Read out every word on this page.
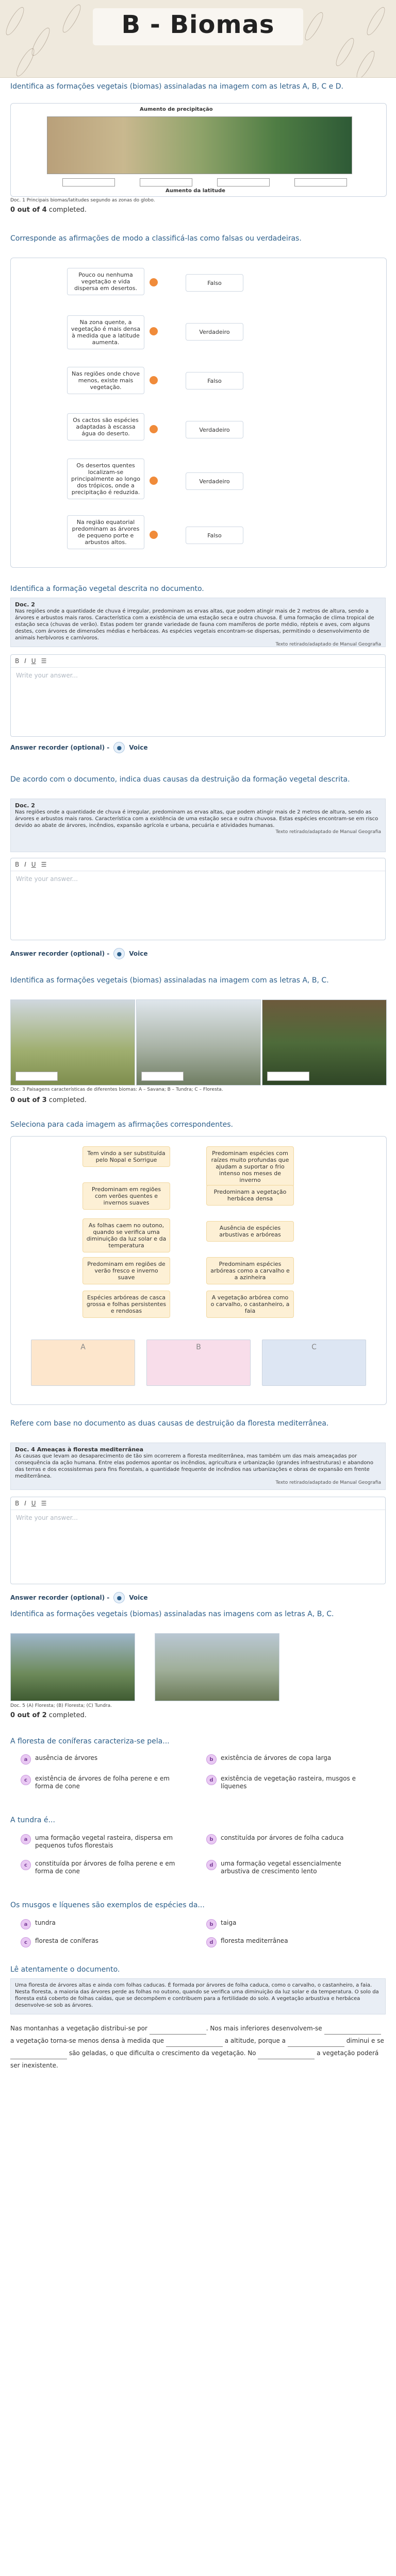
B - Biomas
Identifica as formações vegetais (biomas) assinaladas na imagem com as letras A, B, C e D.
Aumento de precipitação
Aumento da latitude
Doc. 1 Principais biomas/latitudes segundo as zonas do globo.
0 out of 4 completed.
Corresponde as afirmações de modo a classificá-las como falsas ou verdadeiras.
Pouco ou nenhuma vegetação e vida dispersa em desertos.
Falso
Na zona quente, a vegetação é mais densa à medida que a latitude aumenta.
Verdadeiro
Nas regiões onde chove menos, existe mais vegetação.
Falso
Os cactos são espécies adaptadas à escassa água do deserto.
Verdadeiro
Os desertos quentes localizam-se principalmente ao longo dos trópicos, onde a precipitação é reduzida.
Verdadeiro
Na região equatorial predominam as árvores de pequeno porte e arbustos altos.
Falso
Identifica a formação vegetal descrita no documento.
Doc. 2
Nas regiões onde a quantidade de chuva é irregular, predominam as ervas altas, que podem atingir mais de 2 metros de altura, sendo a árvores e arbustos mais raros. Característica com a existência de uma estação seca e outra chuvosa. É uma formação de clima tropical de estação seca (chuvas de verão). Estas podem ter grande variedade de fauna com mamíferos de porte médio, répteis e aves, com alguns destes, com árvores de dimensões médias e herbáceas. As espécies vegetais encontram-se dispersas, permitindo o desenvolvimento de animais herbívoros e carnívoros.
Texto retirado/adaptado de Manual Geografia
B I U ☰
Write your answer...
Answer recorder (optional) -	●	Voice
De acordo com o documento, indica duas causas da destruição da formação vegetal descrita.
Doc. 2
Nas regiões onde a quantidade de chuva é irregular, predominam as ervas altas, que podem atingir mais de 2 metros de altura, sendo as árvores e arbustos mais raros. Característica com a existência de uma estação seca e outra chuvosa. Estas espécies encontram-se em risco devido ao abate de árvores, incêndios, expansão agrícola e urbana, pecuária e atividades humanas.
Texto retirado/adaptado de Manual Geografia
B I U ☰
Write your answer...
Answer recorder (optional) -	●	Voice
Identifica as formações vegetais (biomas) assinaladas na imagem com as letras A, B, C.
Doc. 3 Paisagens características de diferentes biomas: A – Savana; B – Tundra; C – Floresta.
0 out of 3 completed.
Seleciona para cada imagem as afirmações correspondentes.
Tem vindo a ser substituída pelo Nopal e Sorrigue
Predominam espécies com raízes muito profundas que ajudam a suportar o frio intenso nos meses de inverno
Predominam em regiões com verões quentes e invernos suaves
Predominam a vegetação herbácea densa
As folhas caem no outono, quando se verifica uma diminuição da luz solar e da temperatura
Ausência de espécies arbustivas e arbóreas
Predominam em regiões de verão fresco e inverno suave
Predominam espécies arbóreas como a carvalho e a azinheira
Espécies arbóreas de casca grossa e folhas persistentes e rendosas
A vegetação arbórea como o carvalho, o castanheiro, a faia
A	B	C
Refere com base no documento as duas causas de destruição da floresta mediterrânea.
Doc. 4 Ameaças à floresta mediterrânea
As causas que levam ao desaparecimento de tão sim ocorrerem a floresta mediterrânea, mas também um das mais ameaçadas por consequência da ação humana. Entre elas podemos apontar os incêndios, agricultura e urbanização (grandes infraestruturas) e abandono das terras e dos ecossistemas para fins florestais, a quantidade frequente de incêndios nas urbanizações e obras de expansão em frente mediterrânea.
Texto retirado/adaptado de Manual Geografia
B I U ☰
Write your answer...
Answer recorder (optional) -	●	Voice
Identifica as formações vegetais (biomas) assinaladas nas imagens com as letras A, B, C.
Doc. 5 (A) Floresta; (B) Floresta; (C) Tundra.
0 out of 2 completed.
A floresta de coníferas caracteriza-se pela...
a	ausência de árvores	b	existência de árvores de copa larga
c	existência de árvores de folha perene e em forma de cone
d	existência de vegetação rasteira, musgos e líquenes
A tundra é...
a	uma formação vegetal rasteira, dispersa em pequenos tufos florestais
b	constituída por árvores de folha caduca
c	constituída por árvores de folha perene e em forma de cone
d	uma formação vegetal essencialmente arbustiva de crescimento lento
Os musgos e líquenes são exemplos de espécies da...
a	tundra	b	taiga
c	floresta de coníferas	d	floresta mediterrânea
Lê atentamente o documento.
Uma floresta de árvores altas e ainda com folhas caducas. É formada por árvores de folha caduca, como o carvalho, o castanheiro, a faia. Nesta floresta, a maioria das árvores perde as folhas no outono, quando se verifica uma diminuição da luz solar e da temperatura. O solo da floresta está coberto de folhas caídas, que se decompõem e contribuem para a fertilidade do solo. A vegetação arbustiva e herbácea desenvolve-se sob as árvores.
Nas montanhas a vegetação distribui-se por	. Nos mais inferiores desenvolvem-se  a vegetação torna-se menos densa à medida que	a altitude, porque a	diminui e se  são geladas, o que dificulta o crescimento da vegetação. No	a vegetação poderá ser inexistente.
